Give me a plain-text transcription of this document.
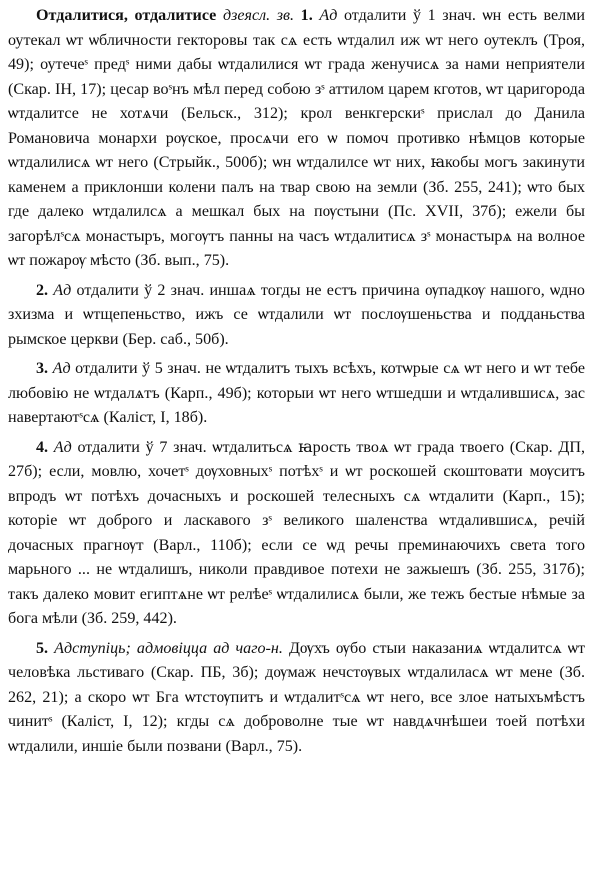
Отдалитися, отдалитисе дзеясл. зв. 1. Ад отдалити ў 1 знач. ѡн есть велми оутекал ѡт ѡбличности гекторовы так сѧ есть ѡтдалил иж ѡт него оутеклъ (Троя, 49); оутечеˢ предˢ ними дабы ѡтдалилися ѡт града женучисѧ за нами неприятели (Скар. ІН, 17); цесар воˢнъ мѣл перед собою зˢ аттилом царем кготов, ѡт царигорода ѡтдалитсе не хотѧчи (Бельск., 312); крол венкгерскиˢ прислал до Данила Романовича монархи рѹское, просѧчи его ѡ помоч противко нѣмцов которые ѡтдалилисѧ ѡт него (Стрыйк., 500б); ѡн ѡтдалилсе ѡт них, ꙗкобы могъ закинути каменем а приклонши колени палъ на твар свою на земли (Зб. 255, 241); ѡто бых где далеко ѡтдалилсѧ а мешкал бых на пѹстыни (Пс. XVII, 37б); ежели бы загорѣлˢсѧ монастыръ, могѹтъ панны на часъ ѡтдалитисѧ зˢ монастырѧ на волное ѡт пожарѹ мѣсто (Зб. вып., 75).

2. Ад отдалити ў 2 знач. иншаѧ тогды не естъ причина ѹпадкѹ нашого, ѡдно зхизма и ѡтщепеньство, ижъ се ѡтдалили ѡт послѹшеньства и подданьства рымское церкви (Бер. саб., 50б).

3. Ад отдалити ў 5 знач. не ѡтдалитъ тыхъ всѣхъ, котѡрые сѧ ѡт него и ѡт тебе любовію не ѡтдалѧтъ (Карп., 49б); которыи ѡт него ѡтшедши и ѡтдалившисѧ, зас навертаютˢсѧ (Каліст, I, 18б).

4. Ад отдалити ў 7 знач. ѡтдалитьсѧ ꙗрость твоѧ ѡт града твоего (Скар. ДП, 27б); если, мовлю, хочетˢ дѹховныхˢ потѣхˢ и ѡт роскошей скоштовати мѹситъ впродъ ѡт потѣхъ дочасныхъ и роскошей телесныхъ сѧ ѡтдалити (Карп., 15); которіе ѡт доброго и ласкавого зˢ великого шаленства ѡтдалившисѧ, речій дочасных прагнѹт (Варл., 110б); если се ѡд речы преминаючихъ света того марьного ... не ѡтдалишъ, николи правдивое потехи не зажыешъ (Зб. 255, 317б); такъ далеко мовит египтѧне ѡт релѣеˢ ѡтдалилисѧ были, же тежъ бестые нѣмые за бога мѣли (Зб. 259, 442).

5. Адступіць; адмовіцца ад чаго-н. Дѹхъ ѹбо стыи наказаниѧ ѡтдалитсѧ ѡт человѣка льстиваго (Скар. ПБ, 3б); дѹмаж нечстѹвых ѡтдалиласѧ ѡт мене (Зб. 262, 21); а скоро ѡт Бга ѡтстѹпитъ и ѡтдалитˢсѧ ѡт него, все злое натыхъмѣстъ чинитˢ (Каліст, I, 12); кгды сѧ доброволне тые ѡт навдѧчнѣшеи тоей потѣхи ѡтдалили, иншіе были позвани (Варл., 75).
